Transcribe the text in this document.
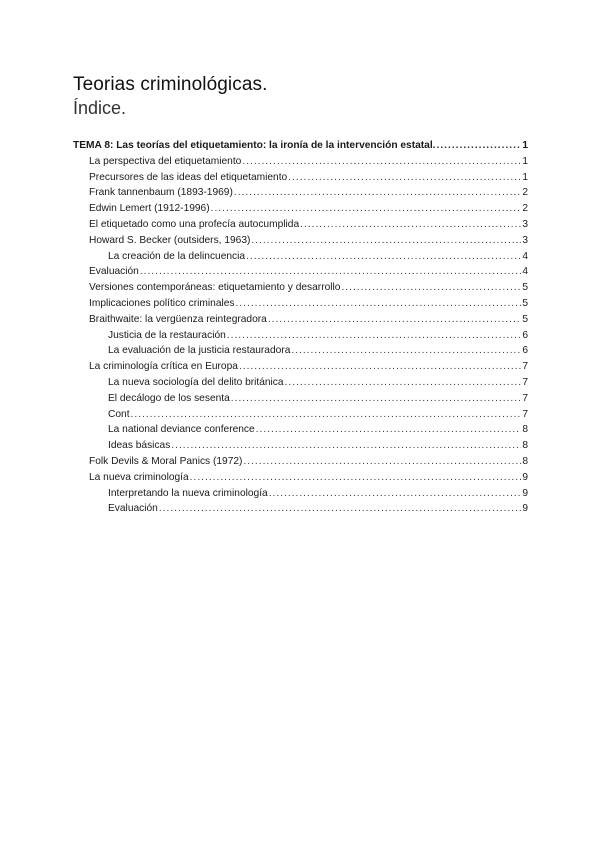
Teorias criminológicas.
Índice.
TEMA 8: Las teorías del etiquetamiento: la ironía de la intervención estatal. .....	1
La perspectiva del etiquetamiento .....	1
Precursores de las ideas del etiquetamiento .....	1
Frank tannenbaum (1893-1969) .....	2
Edwin Lemert (1912-1996) .....	2
El etiquetado como una profecía autocumplida .....	3
Howard S. Becker (outsiders, 1963) .....	3
La creación de la delincuencia .....	4
Evaluación .....	4
Versiones contemporáneas: etiquetamiento y desarrollo .....	5
Implicaciones político criminales .....	5
Braithwaite: la vergüenza reintegradora .....	5
Justicia de la restauración .....	6
La evaluación de la justicia restauradora .....	6
La criminología crítica en Europa .....	7
La nueva sociología del delito británica .....	7
El decálogo de los sesenta .....	7
Cont .....	7
La national deviance conference .....	8
Ideas básicas .....	8
Folk Devils & Moral Panics (1972) .....	8
La nueva criminología .....	9
Interpretando la nueva criminología .....	9
Evaluación .....	9
